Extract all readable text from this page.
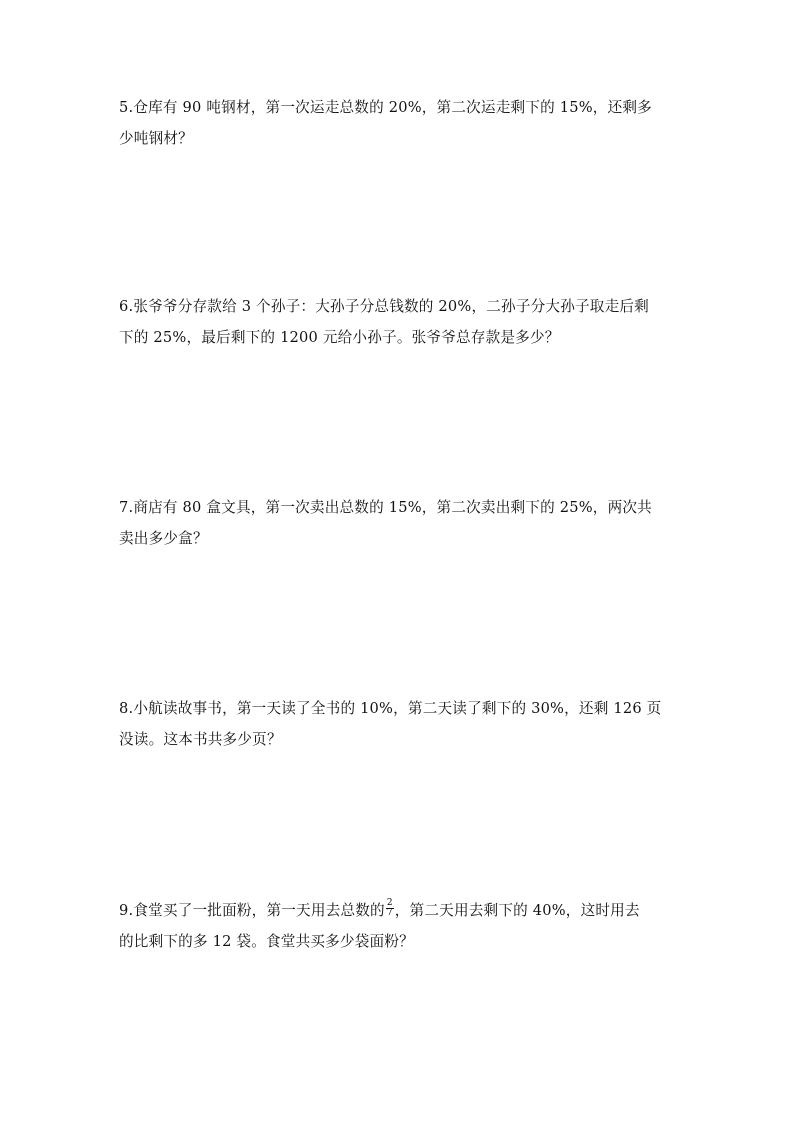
5.仓库有 90 吨钢材，第一次运走总数的 20%，第二次运走剩下的 15%，还剩多
少吨钢材？
6.张爷爷分存款给 3 个孙子：大孙子分总钱数的 20%，二孙子分大孙子取走后剩
下的 25%，最后剩下的 1200 元给小孙子。张爷爷总存款是多少？
7.商店有 80 盒文具，第一次卖出总数的 15%，第二次卖出剩下的 25%，两次共
卖出多少盒？
8.小航读故事书，第一天读了全书的 10%，第二天读了剩下的 30%，还剩 126 页
没读。这本书共多少页？
9.食堂买了一批面粉，第一天用去总数的 $\frac{2}{7}$ ，第二天用去剩下的 40%，这时用去
的比剩下的多 12 袋。食堂共买多少袋面粉？
